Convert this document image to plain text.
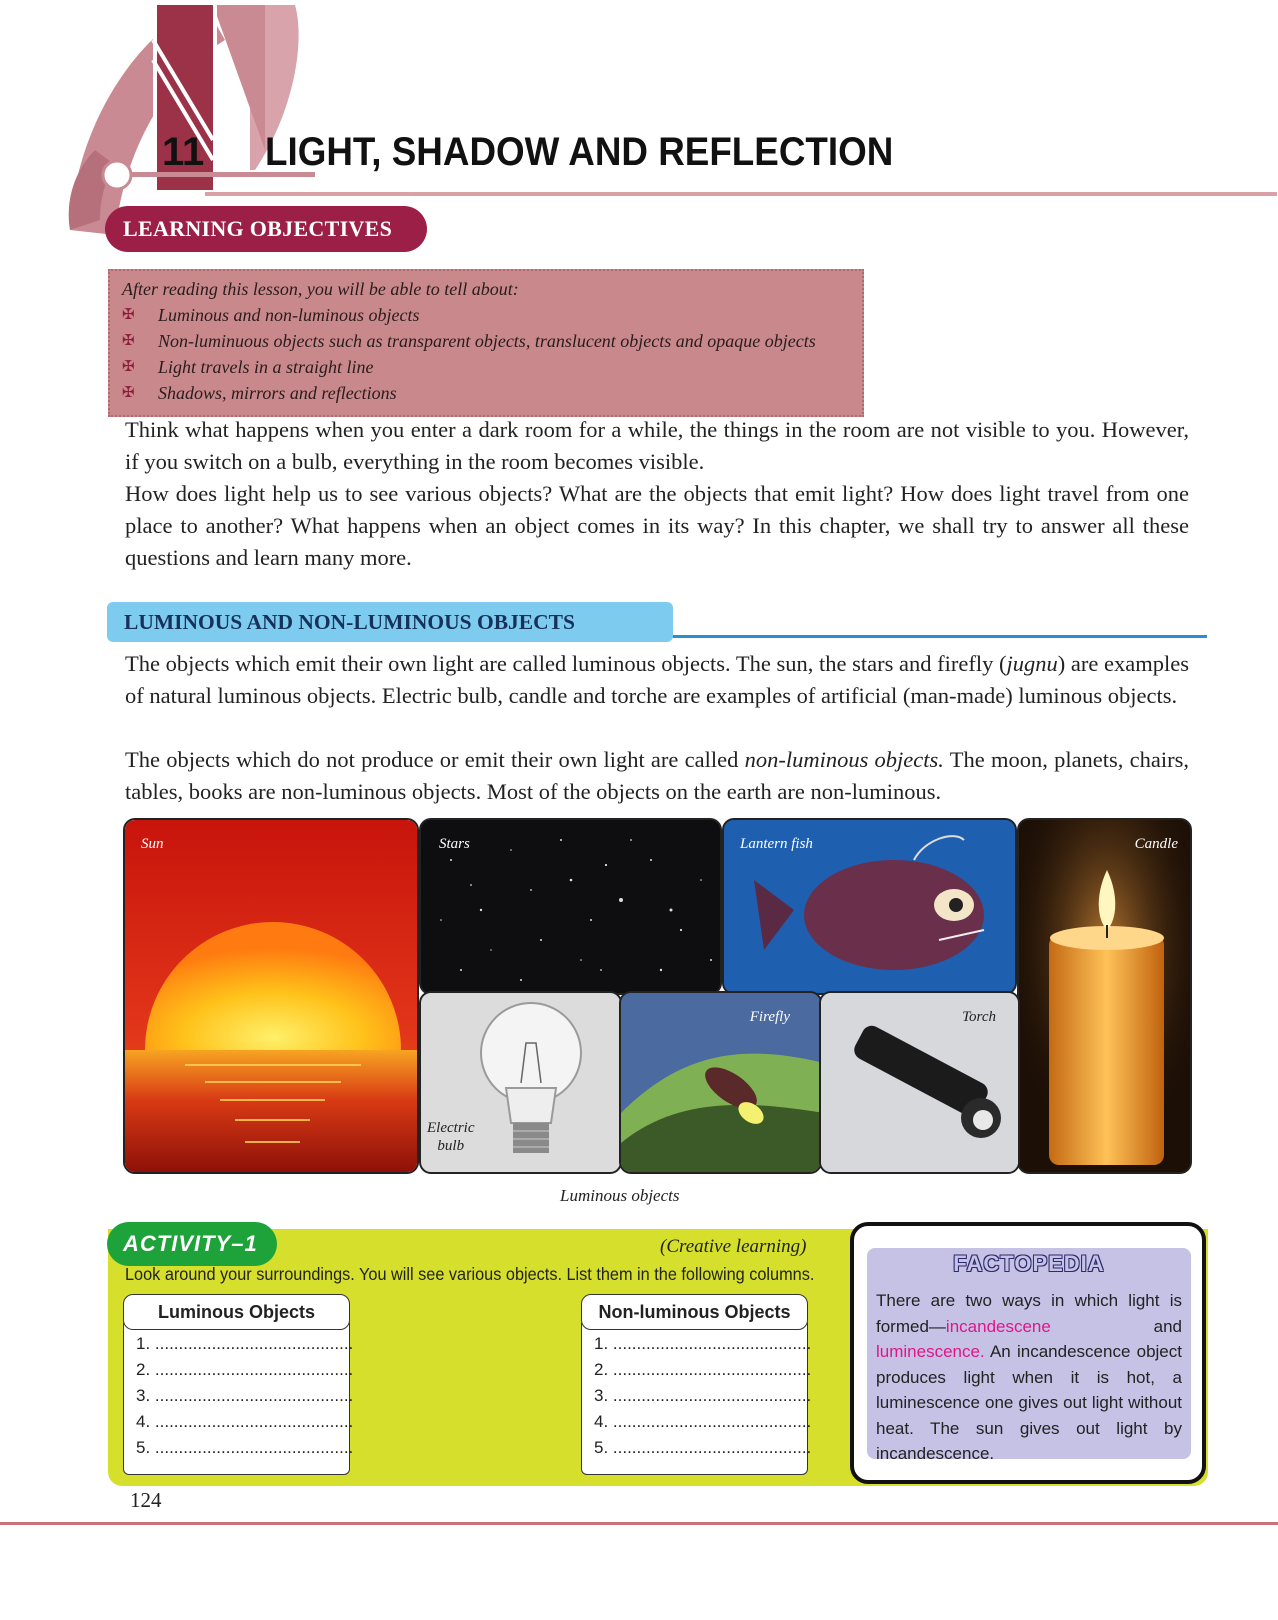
11 LIGHT, SHADOW AND REFLECTION
LEARNING OBJECTIVES
After reading this lesson, you will be able to tell about:
✠	Luminous and non-luminous objects
✠	Non-luminuous objects such as transparent objects, translucent objects and opaque objects
✠	Light travels in a straight line
✠	Shadows, mirrors and reflections
Think what happens when you enter a dark room for a while, the things in the room are not visible to you. However, if you switch on a bulb, everything in the room becomes visible.
How does light help us to see various objects? What are the objects that emit light? How does light travel from one place to another? What happens when an object comes in its way? In this chapter, we shall try to answer all these questions and learn many more.
LUMINOUS AND NON-LUMINOUS OBJECTS
The objects which emit their own light are called luminous objects. The sun, the stars and firefly (jugnu) are examples of natural luminous objects. Electric bulb, candle and torche are examples of artificial (man-made) luminous objects.
The objects which do not produce or emit their own light are called non-luminous objects. The moon, planets, chairs, tables, books are non-luminous objects. Most of the objects on the earth are non-luminous.
Sun	Stars	Lantern fish	Candle
Electric
bulb
Firefly	Torch
Luminous objects
ACTIVITY–1	(Creative learning)
Look around your surroundings. You will see various objects. List them in the following columns.
1. ..........................................
2. ..........................................
3. ..........................................
4. ..........................................
5. ..........................................
Luminous Objects
1. ..........................................
2. ..........................................
3. ..........................................
4. ..........................................
5. ..........................................
Non-luminous Objects
FACTOPEDIA
There are two ways in which light is formed—incandescene and luminescence. An incandescence object produces light when it is hot, a luminescence one gives out light without heat. The sun gives out light by incandescence.
124
